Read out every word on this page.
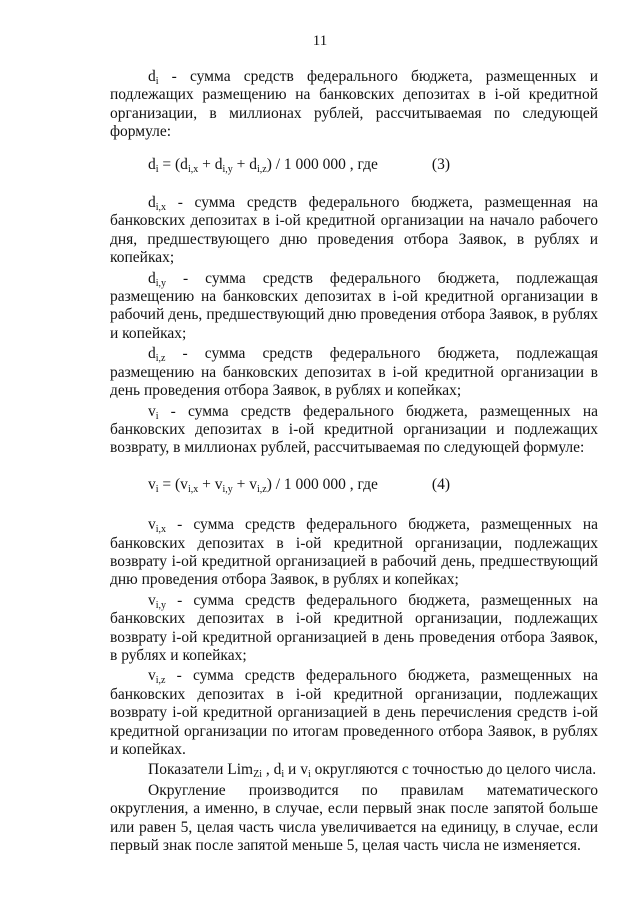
11

$d_i$ - сумма средств федерального бюджета, размещенных и подлежащих размещению на банковских депозитах в i-ой кредитной организации, в миллионах рублей, рассчитываемая по следующей формуле:

$d_i = (d_{i,x} + d_{i,y} + d_{i,z}) / 1$ 000 000 , где	(3)

$d_{i,x}$ - сумма средств федерального бюджета, размещенная на банковских депозитах в i-ой кредитной организации на начало рабочего дня, предшествующего дню проведения отбора Заявок, в рублях и копейках;

$d_{i,y}$ - сумма средств федерального бюджета, подлежащая размещению на банковских депозитах в i-ой кредитной организации в рабочий день, предшествующий дню проведения отбора Заявок, в рублях и копейках;

$d_{i,z}$ - сумма средств федерального бюджета, подлежащая размещению на банковских депозитах в i-ой кредитной организации в день проведения отбора Заявок, в рублях и копейках;

$v_i$ - сумма средств федерального бюджета, размещенных на банковских депозитах в i-ой кредитной организации и подлежащих возврату, в миллионах рублей, рассчитываемая по следующей формуле:

$v_i = (v_{i,x} + v_{i,y} + v_{i,z}) / 1$ 000 000 , где	(4)

$v_{i,x}$ - сумма средств федерального бюджета, размещенных на банковских депозитах в i-ой кредитной организации, подлежащих возврату i-ой кредитной организацией в рабочий день, предшествующий дню проведения отбора Заявок, в рублях и копейках;

$v_{i,y}$ - сумма средств федерального бюджета, размещенных на банковских депозитах в i-ой кредитной организации, подлежащих возврату i-ой кредитной организацией в день проведения отбора Заявок, в рублях и копейках;

$v_{i,z}$ - сумма средств федерального бюджета, размещенных на банковских депозитах в i-ой кредитной организации, подлежащих возврату i-ой кредитной организацией в день перечисления средств i-ой кредитной организации по итогам проведенного отбора Заявок, в рублях и копейках.

Показатели Lim$_{Zi}$ , $d_i$ и $v_i$ округляются с точностью до целого числа.

Округление производится по правилам математического округления, а именно, в случае, если первый знак после запятой больше или равен 5, целая часть числа увеличивается на единицу, в случае, если первый знак после запятой меньше 5, целая часть числа не изменяется.
